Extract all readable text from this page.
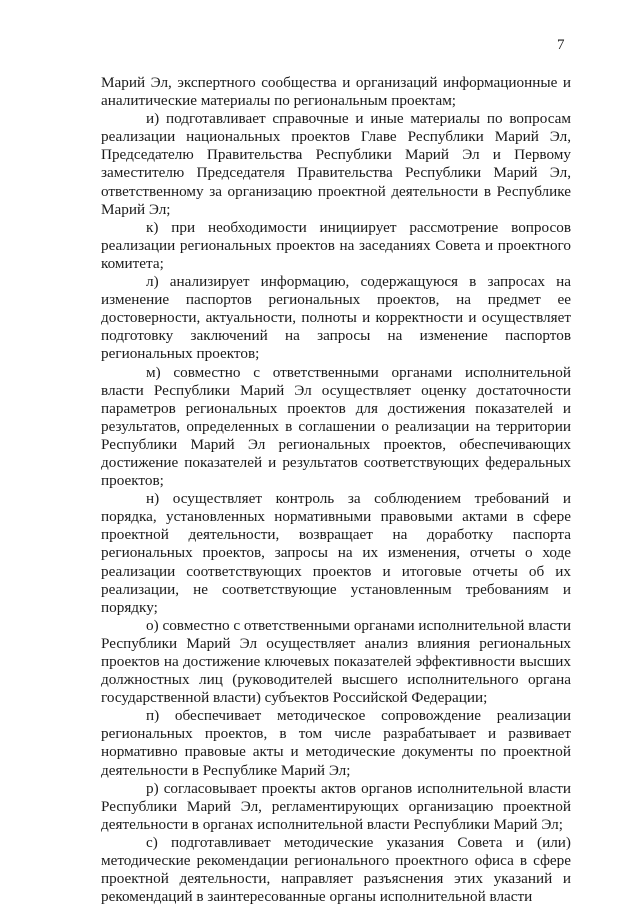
7

Марий Эл, экспертного сообщества и организаций информационные и аналитические материалы по региональным проектам;

и) подготавливает справочные и иные материалы по вопросам реализации национальных проектов Главе Республики Марий Эл, Председателю Правительства Республики Марий Эл и Первому заместителю Председателя Правительства Республики Марий Эл, ответственному за организацию проектной деятельности в Республике Марий Эл;

к) при необходимости инициирует рассмотрение вопросов реализации региональных проектов на заседаниях Совета и проектного комитета;

л) анализирует информацию, содержащуюся в запросах на изменение паспортов региональных проектов, на предмет ее достоверности, актуальности, полноты и корректности и осуществляет подготовку заключений на запросы на изменение паспортов региональных проектов;

м) совместно с ответственными органами исполнительной власти Республики Марий Эл осуществляет оценку достаточности параметров региональных проектов для достижения показателей и результатов, определенных в соглашении о реализации на территории Республики Марий Эл региональных проектов, обеспечивающих достижение показателей и результатов соответствующих федеральных проектов;

н) осуществляет контроль за соблюдением требований и порядка, установленных нормативными правовыми актами в сфере проектной деятельности, возвращает на доработку паспорта региональных проектов, запросы на их изменения, отчеты о ходе реализации соответствующих проектов и итоговые отчеты об их реализации, не соответствующие установленным требованиям и порядку;

о) совместно с ответственными органами исполнительной власти Республики Марий Эл осуществляет анализ влияния региональных проектов на достижение ключевых показателей эффективности высших должностных лиц (руководителей высшего исполнительного органа государственной власти) субъектов Российской Федерации;

п) обеспечивает методическое сопровождение реализации региональных проектов, в том числе разрабатывает и развивает нормативно правовые акты и методические документы по проектной деятельности в Республике Марий Эл;

р) согласовывает проекты актов органов исполнительной власти Республики Марий Эл, регламентирующих организацию проектной деятельности в органах исполнительной власти Республики Марий Эл;

с) подготавливает методические указания Совета и (или) методические рекомендации регионального проектного офиса в сфере проектной деятельности, направляет разъяснения этих указаний и рекомендаций в заинтересованные органы исполнительной власти
